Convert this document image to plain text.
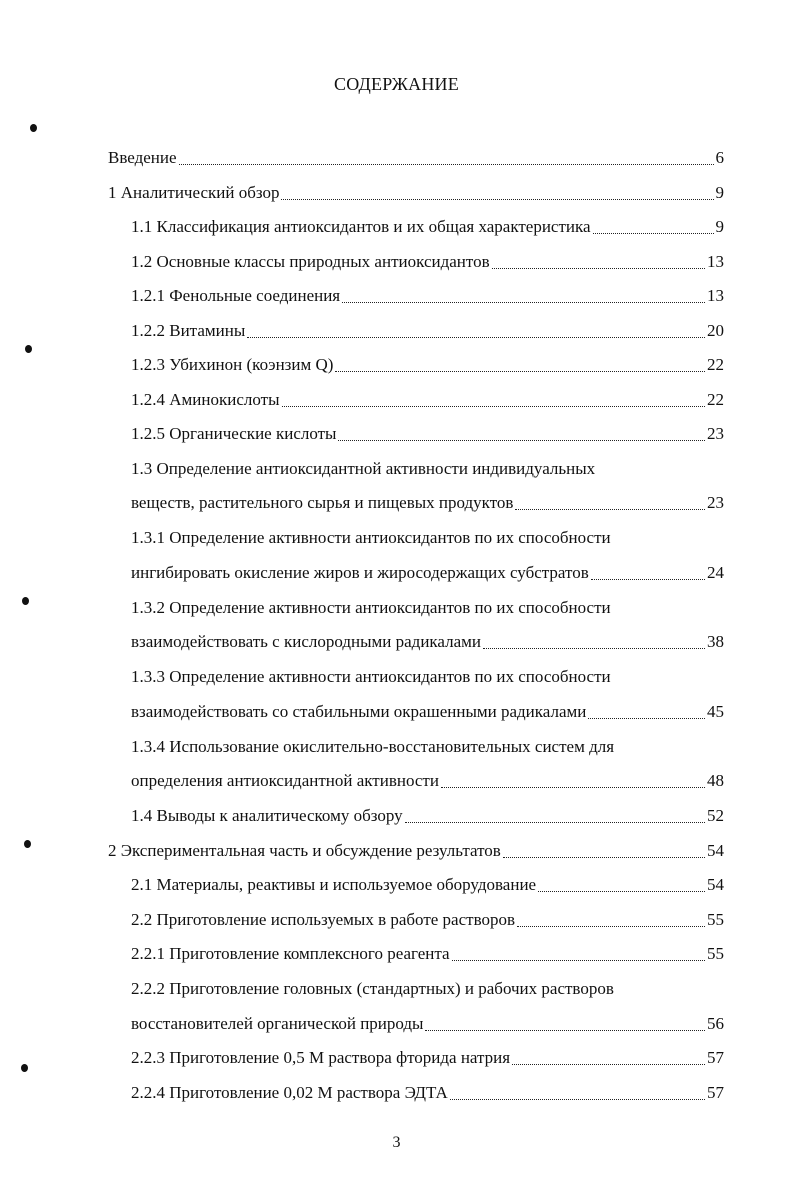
СОДЕРЖАНИЕ
Введение	6
1 Аналитический обзор	9
1.1 Классификация антиоксидантов и их общая характеристика	9
1.2 Основные классы природных антиоксидантов	13
1.2.1 Фенольные соединения	13
1.2.2 Витамины	20
1.2.3 Убихинон (коэнзим Q)	22
1.2.4 Аминокислоты	22
1.2.5 Органические кислоты	23
1.3 Определение антиоксидантной активности индивидуальных
веществ, растительного сырья и пищевых продуктов	23
1.3.1 Определение активности антиоксидантов по их способности
ингибировать окисление жиров и жиросодержащих субстратов	24
1.3.2 Определение активности антиоксидантов по их способности
взаимодействовать с кислородными радикалами	38
1.3.3 Определение активности антиоксидантов по их способности
взаимодействовать со стабильными окрашенными радикалами	45
1.3.4 Использование окислительно-восстановительных систем для
определения антиоксидантной активности	48
1.4 Выводы к аналитическому обзору	52
2 Экспериментальная часть и обсуждение результатов	54
2.1 Материалы, реактивы и используемое оборудование	54
2.2 Приготовление используемых в работе растворов	55
2.2.1 Приготовление комплексного реагента	55
2.2.2 Приготовление головных (стандартных) и рабочих растворов
восстановителей органической природы	56
2.2.3 Приготовление 0,5 М раствора фторида натрия	57
2.2.4 Приготовление 0,02 М раствора ЭДТА	57
3
